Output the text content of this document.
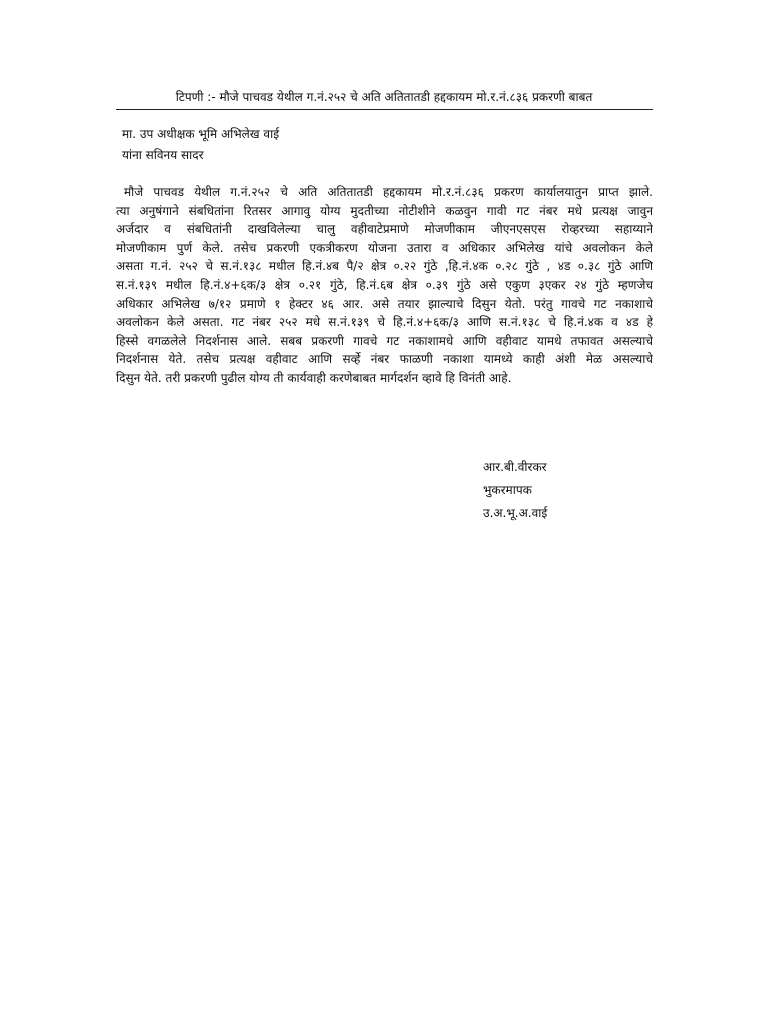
टिपणी :- मौजे पाचवड येथील ग.नं.२५२ चे अति अतितातडी हद्दकायम मो.र.नं.८३६ प्रकरणी बाबत
मा. उप अधीक्षक भूमि अभिलेख वाई
यांना सविनय सादर
मौजे पाचवड येथील ग.नं.२५२ चे अति अतितातडी हद्दकायम मो.र.नं.८३६ प्रकरण कार्यालयातुन प्राप्त झाले.
त्या अनुषंगाने संबधितांना रितसर आगावु योग्य मुदतीच्या नोटीशीने कळवुन गावी गट नंबर मधे प्रत्यक्ष जावुन
अर्जदार व संबधितांनी दाखविलेल्या चालु वहीवाटेप्रमाणे मोजणीकाम जीएनएसएस रोव्हरच्या सहाय्याने
मोजणीकाम पुर्ण केले. तसेच प्रकरणी एकत्रीकरण योजना उतारा व अधिकार अभिलेख यांचे अवलोकन केले
असता ग.नं. २५२ चे स.नं.१३८ मधील हि.नं.४ब पै/२ क्षेत्र ०.२२ गुंठे ,हि.नं.४क ०.२८ गुंठे , ४ड ०.३८ गुंठे आणि
स.नं.१३९ मधील हि.नं.४+६क/३ क्षेत्र ०.२१ गुंठे, हि.नं.६ब क्षेत्र ०.३९ गुंठे असे एकुण ३एकर २४ गुंठे म्हणजेच
अधिकार अभिलेख ७/१२ प्रमाणे १ हेक्टर ४६ आर. असे तयार झाल्याचे दिसुन येतो. परंतु गावचे गट नकाशाचे
अवलोकन केले असता. गट नंबर २५२ मधे स.नं.१३९ चे हि.नं.४+६क/३ आणि स.नं.१३८ चे हि.नं.४क व ४ड हे
हिस्से वगळलेले निदर्शनास आले. सबब प्रकरणी गावचे गट नकाशामधे आणि वहीवाट यामधे तफावत असल्याचे
निदर्शनास येते. तसेच प्रत्यक्ष वहीवाट आणि सर्व्हे नंबर फाळणी नकाशा यामध्ये काही अंशी मेळ असल्याचे
दिसुन येते. तरी प्रकरणी पुढील योग्य ती कार्यवाही करणेबाबत मार्गदर्शन व्हावे हि विनंती आहे.
आर.बी.वीरकर
भुकरमापक
उ.अ.भू.अ.वाई
